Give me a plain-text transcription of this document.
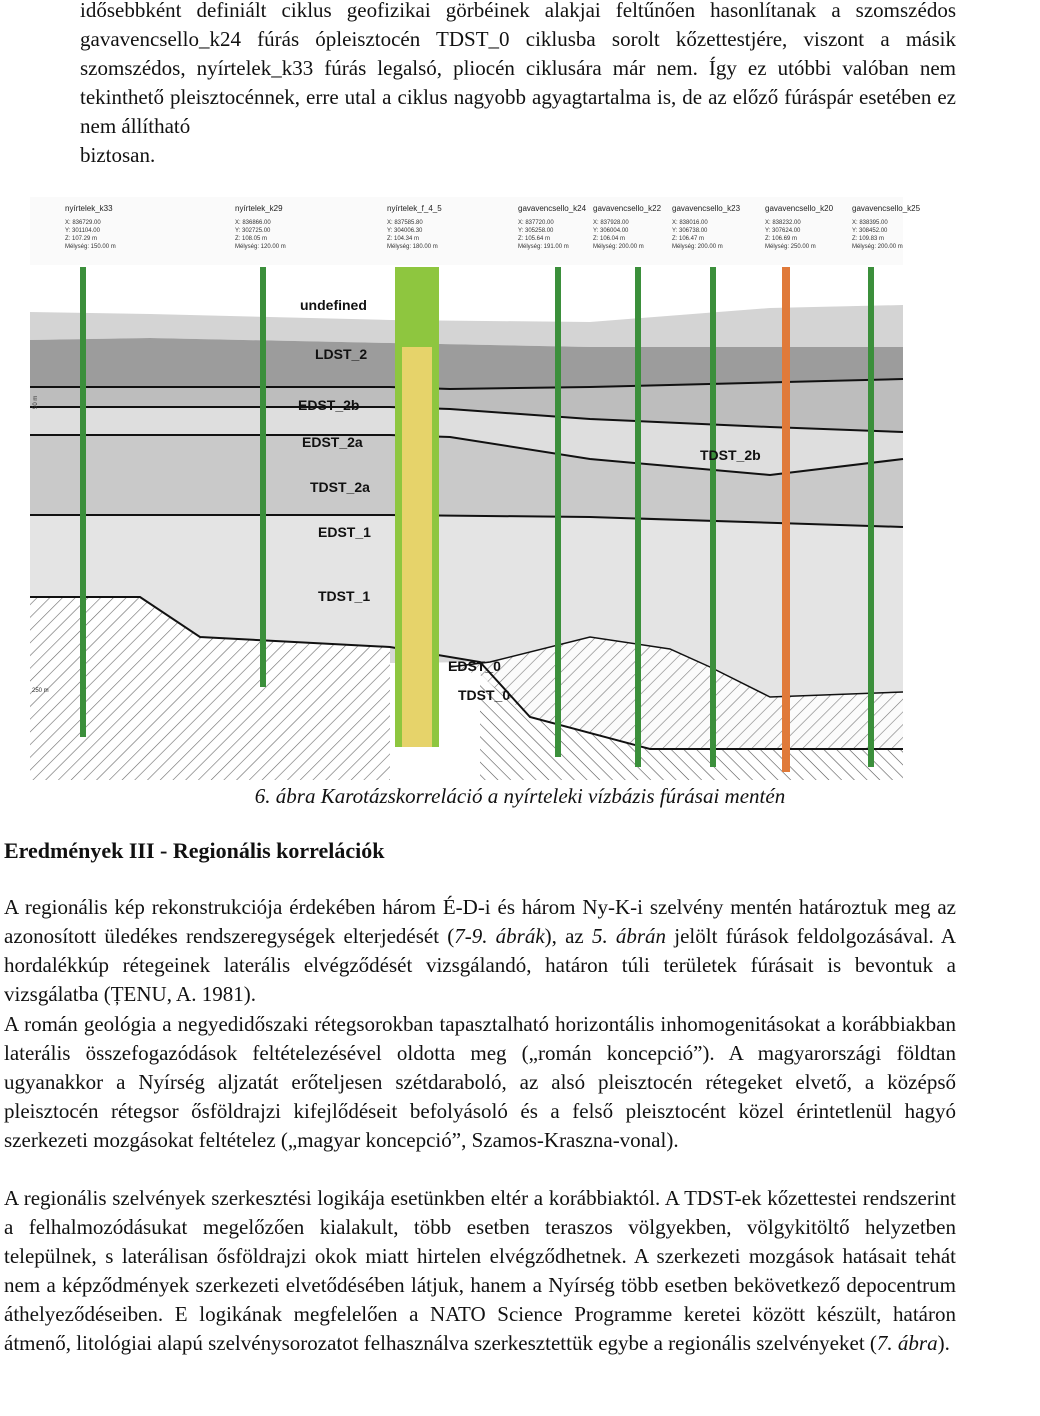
idősebbként definiált ciklus geofizikai görbéinek alakjai feltűnően hasonlítanak a szomszédos gavavencsello_k24 fúrás ópleisztocén TDST_0 ciklusba sorolt kőzettestjére, viszont a másik szomszédos, nyírtelek_k33 fúrás legalsó, pliocén ciklusára már nem. Így ez utóbbi valóban nem tekinthető pleisztocénnek, erre utal a ciklus nagyobb agyagtartalma is, de az előző fúráspár esetében ez nem állítható
biztosan.

nyírtelek_k33
X: 836729.00
Y: 301104.00
Z: 107.29 m
Mélység: 150.00 m
nyírtelek_k29
X: 836866.00
Y: 302725.00
Z: 108.05 m
Mélység: 120.00 m
nyírtelek_f_4_5
X: 837585.80
Y: 304006.30
Z: 104.34 m
Mélység: 180.00 m
gavavencsello_k24
X: 837720.00
Y: 305258.00
Z: 105.64 m
Mélység: 191.00 m
gavavencsello_k22
X: 837928.00
Y: 306004.00
Z: 106.04 m
Mélység: 200.00 m
gavavencsello_k23
X: 838016.00
Y: 306738.00
Z: 106.47 m
Mélység: 200.00 m
gavavencsello_k20
X: 838232.00
Y: 307624.00
Z: 106.69 m
Mélység: 250.00 m
gavavencsello_k25
X: 838395.00
Y: 308452.00
Z: 109.83 m
Mélység: 200.00 m
undefined
LDST_2
EDST_2b
EDST_2a
TDST_2a
EDST_1
TDST_1
TDST_2b
EDST_0
TDST_0
50 m
250 m

6. ábra Karotázskorreláció a nyírteleki vízbázis fúrásai mentén

Eredmények III - Regionális korrelációk

A regionális kép rekonstrukciója érdekében három É-D-i és három Ny-K-i szelvény mentén határoztuk meg az azonosított üledékes rendszeregységek elterjedését (7-9. ábrák), az 5. ábrán jelölt fúrások feldolgozásával. A hordalékkúp rétegeinek laterális elvégződését vizsgálandó, határon túli területek fúrásait is bevontuk a vizsgálatba (ȚENU, A. 1981).

A román geológia a negyedidőszaki rétegsorokban tapasztalható horizontális inhomogenitásokat a korábbiakban laterális összefogazódások feltételezésével oldotta meg („román koncepció”). A magyarországi földtan ugyanakkor a Nyírség aljzatát erőteljesen szétdaraboló, az alsó pleisztocén rétegeket elvető, a középső pleisztocén rétegsor ősföldrajzi kifejlődéseit befolyásoló és a felső pleisztocént közel érintetlenül hagyó szerkezeti mozgásokat feltételez („magyar koncepció”, Szamos-Kraszna-vonal).

A regionális szelvények szerkesztési logikája esetünkben eltér a korábbiaktól. A TDST-ek kőzettestei rendszerint a felhalmozódásukat megelőzően kialakult, több esetben teraszos völgyekben, völgykitöltő helyzetben települnek, s laterálisan ősföldrajzi okok miatt hirtelen elvégződhetnek. A szerkezeti mozgások hatásait tehát nem a képződmények szerkezeti elvetődésében látjuk, hanem a Nyírség több esetben bekövetkező depocentrum áthelyeződéseiben. E logikának megfelelően a NATO Science Programme keretei között készült, határon átmenő, litológiai alapú szelvénysorozatot felhasználva szerkesztettük egybe a regionális szelvényeket (7. ábra).
